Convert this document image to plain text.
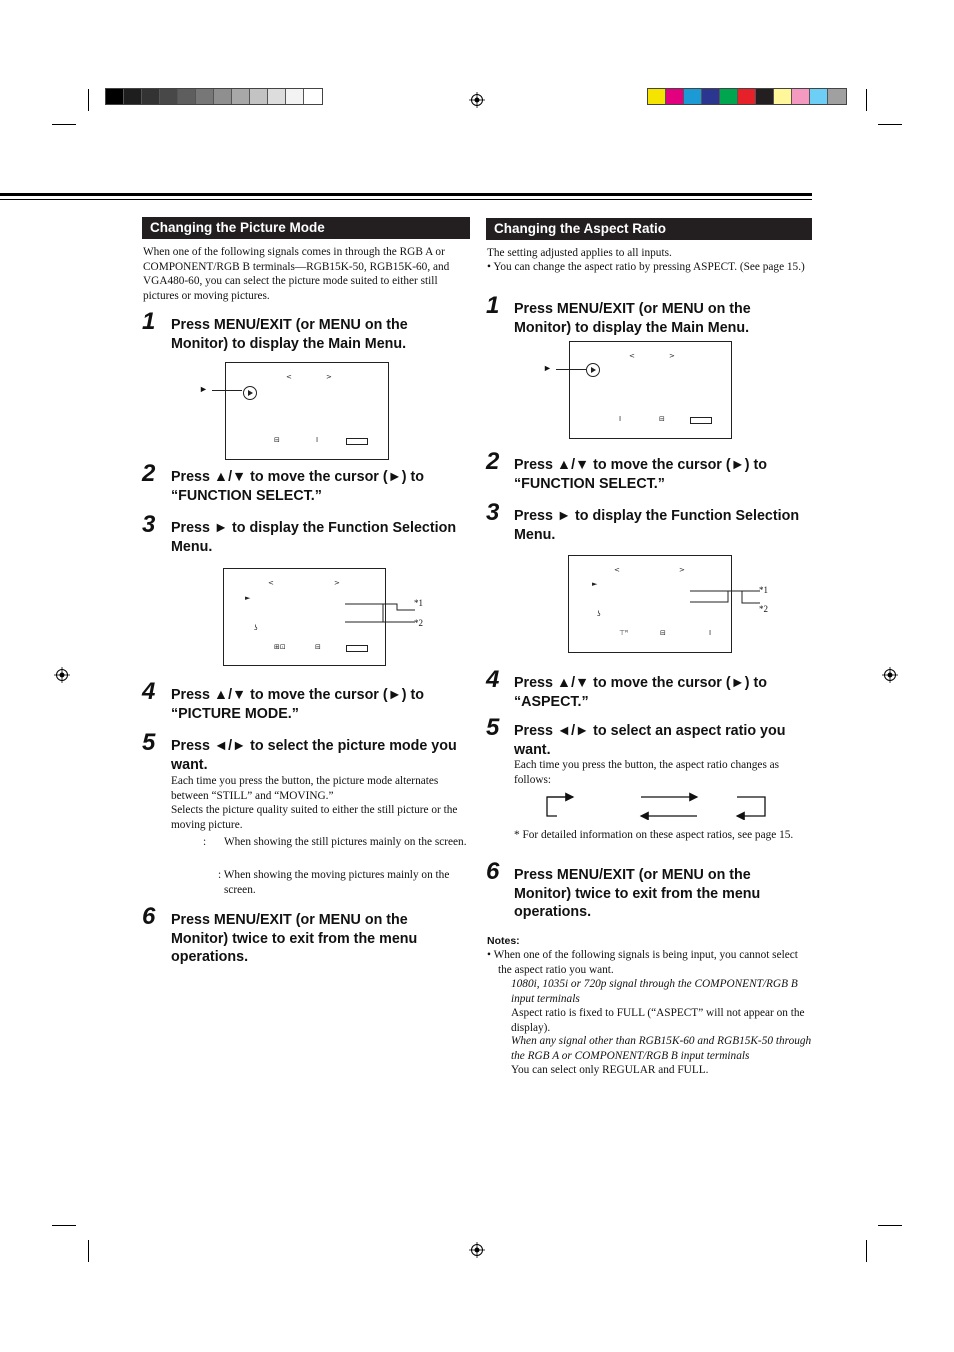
Changing the Picture Mode
When one of the following signals comes in through the RGB A or COMPONENT/RGB B terminals—RGB15K-50, RGB15K-60, and VGA480-60, you can select the picture mode suited to either still pictures or moving pictures.
1 Press MENU/EXIT (or MENU on the Monitor) to display the Main Menu.
<	>
⊟	I
►
2 Press ▲/▼ to move the cursor (►) to “FUNCTION SELECT.”
3 Press ► to display the Function Selection Menu.
<	>
►
ʖ
⊞⊡	⊟
*1
*2
4 Press ▲/▼ to move the cursor (►) to “PICTURE MODE.”
5 Press ◄/► to select the picture mode you want.
Each time you press the button, the picture mode alternates between “STILL” and “MOVING.”
Selects the picture quality suited to either the still picture or the moving picture.
: When showing the still pictures mainly on the screen.
: When showing the moving pictures mainly on the screen.
6 Press MENU/EXIT (or MENU on the Monitor) twice to exit from the menu operations.
Changing the Aspect Ratio
The setting adjusted applies to all inputs.
• You can change the aspect ratio by pressing ASPECT. (See page 15.)
1 Press MENU/EXIT (or MENU on the Monitor) to display the Main Menu.
<	>
I	⊟
►
2 Press ▲/▼ to move the cursor (►) to “FUNCTION SELECT.”
3 Press ► to display the Function Selection Menu.
<	>
►
ʖ
⊤ᴿ	⊟	I
*1
*2
4 Press ▲/▼ to move the cursor (►) to “ASPECT.”
5 Press ◄/► to select an aspect ratio you want.
Each time you press the button, the aspect ratio changes as follows:
* For detailed information on these aspect ratios, see page 15.
6 Press MENU/EXIT (or MENU on the Monitor) twice to exit from the menu operations.
Notes:
• When one of the following signals is being input, you cannot select the aspect ratio you want.
1080i, 1035i or 720p signal through the COMPONENT/RGB B input terminals
Aspect ratio is fixed to FULL (“ASPECT” will not appear on the display).
When any signal other than RGB15K-60 and RGB15K-50 through the RGB A or COMPONENT/RGB B input terminals
You can select only REGULAR and FULL.
